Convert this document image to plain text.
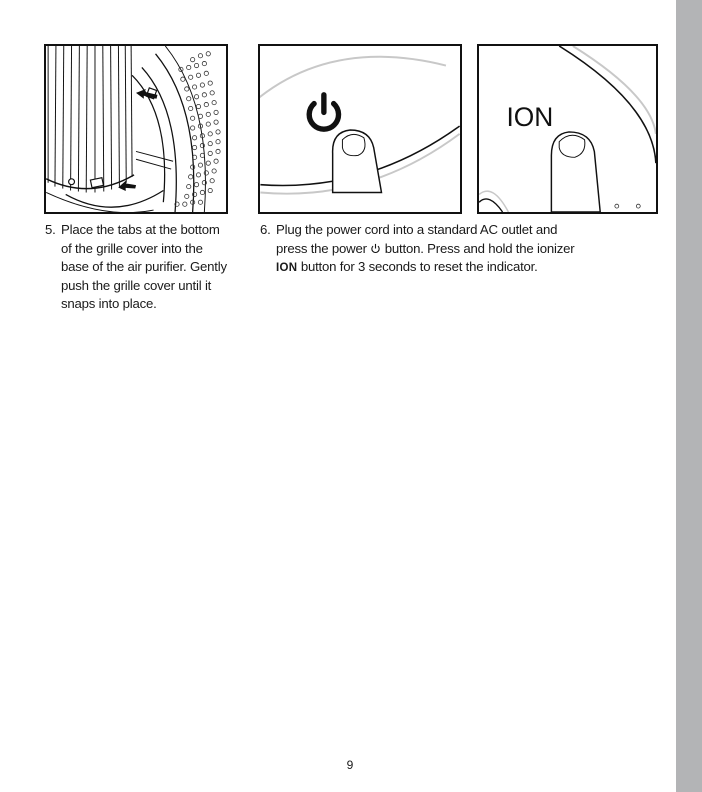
ION
5. Place the tabs at the bottom
of the grille cover into the
base of the air purifier. Gently
push the grille cover until it
snaps into place.
6. Plug the power cord into a standard AC outlet and
press the power  button. Press and hold the ionizer
ION button for 3 seconds to reset the indicator.
9
